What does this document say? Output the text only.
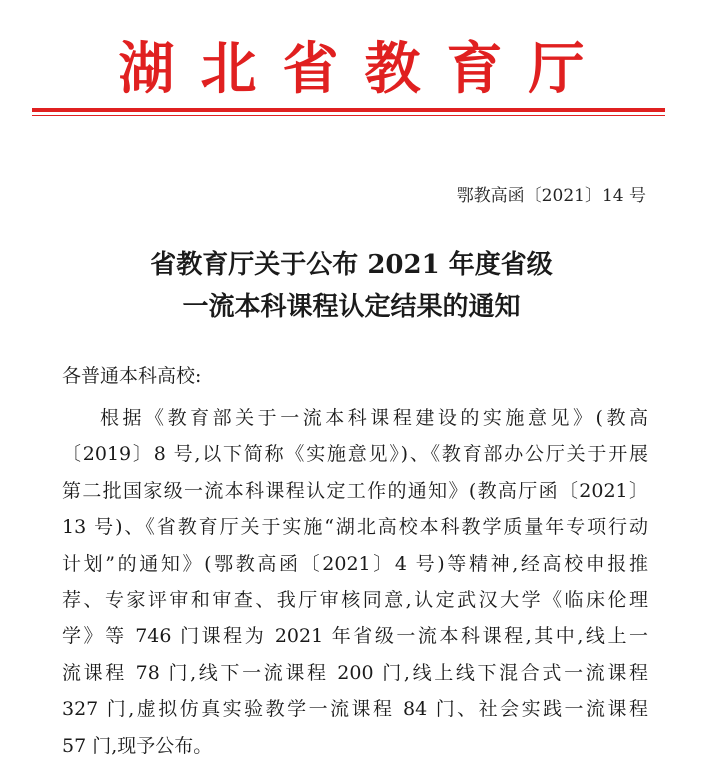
湖北省教育厅
鄂教高函〔2021〕14 号
省教育厅关于公布 2021 年度省级
一流本科课程认定结果的通知
各普通本科高校:
根据《教育部关于一流本科课程建设的实施意见》(教高
〔2019〕8 号,以下简称《实施意见》)、《教育部办公厅关于开展
第二批国家级一流本科课程认定工作的通知》(教高厅函〔2021〕
13 号)、《省教育厅关于实施“湖北高校本科教学质量年专项行动
计划”的通知》(鄂教高函〔2021〕4 号)等精神,经高校申报推
荐、专家评审和审查、我厅审核同意,认定武汉大学《临床伦理
学》等 746 门课程为 2021 年省级一流本科课程,其中,线上一
流课程 78 门,线下一流课程 200 门,线上线下混合式一流课程
327 门,虚拟仿真实验教学一流课程 84 门、社会实践一流课程
57 门,现予公布。
